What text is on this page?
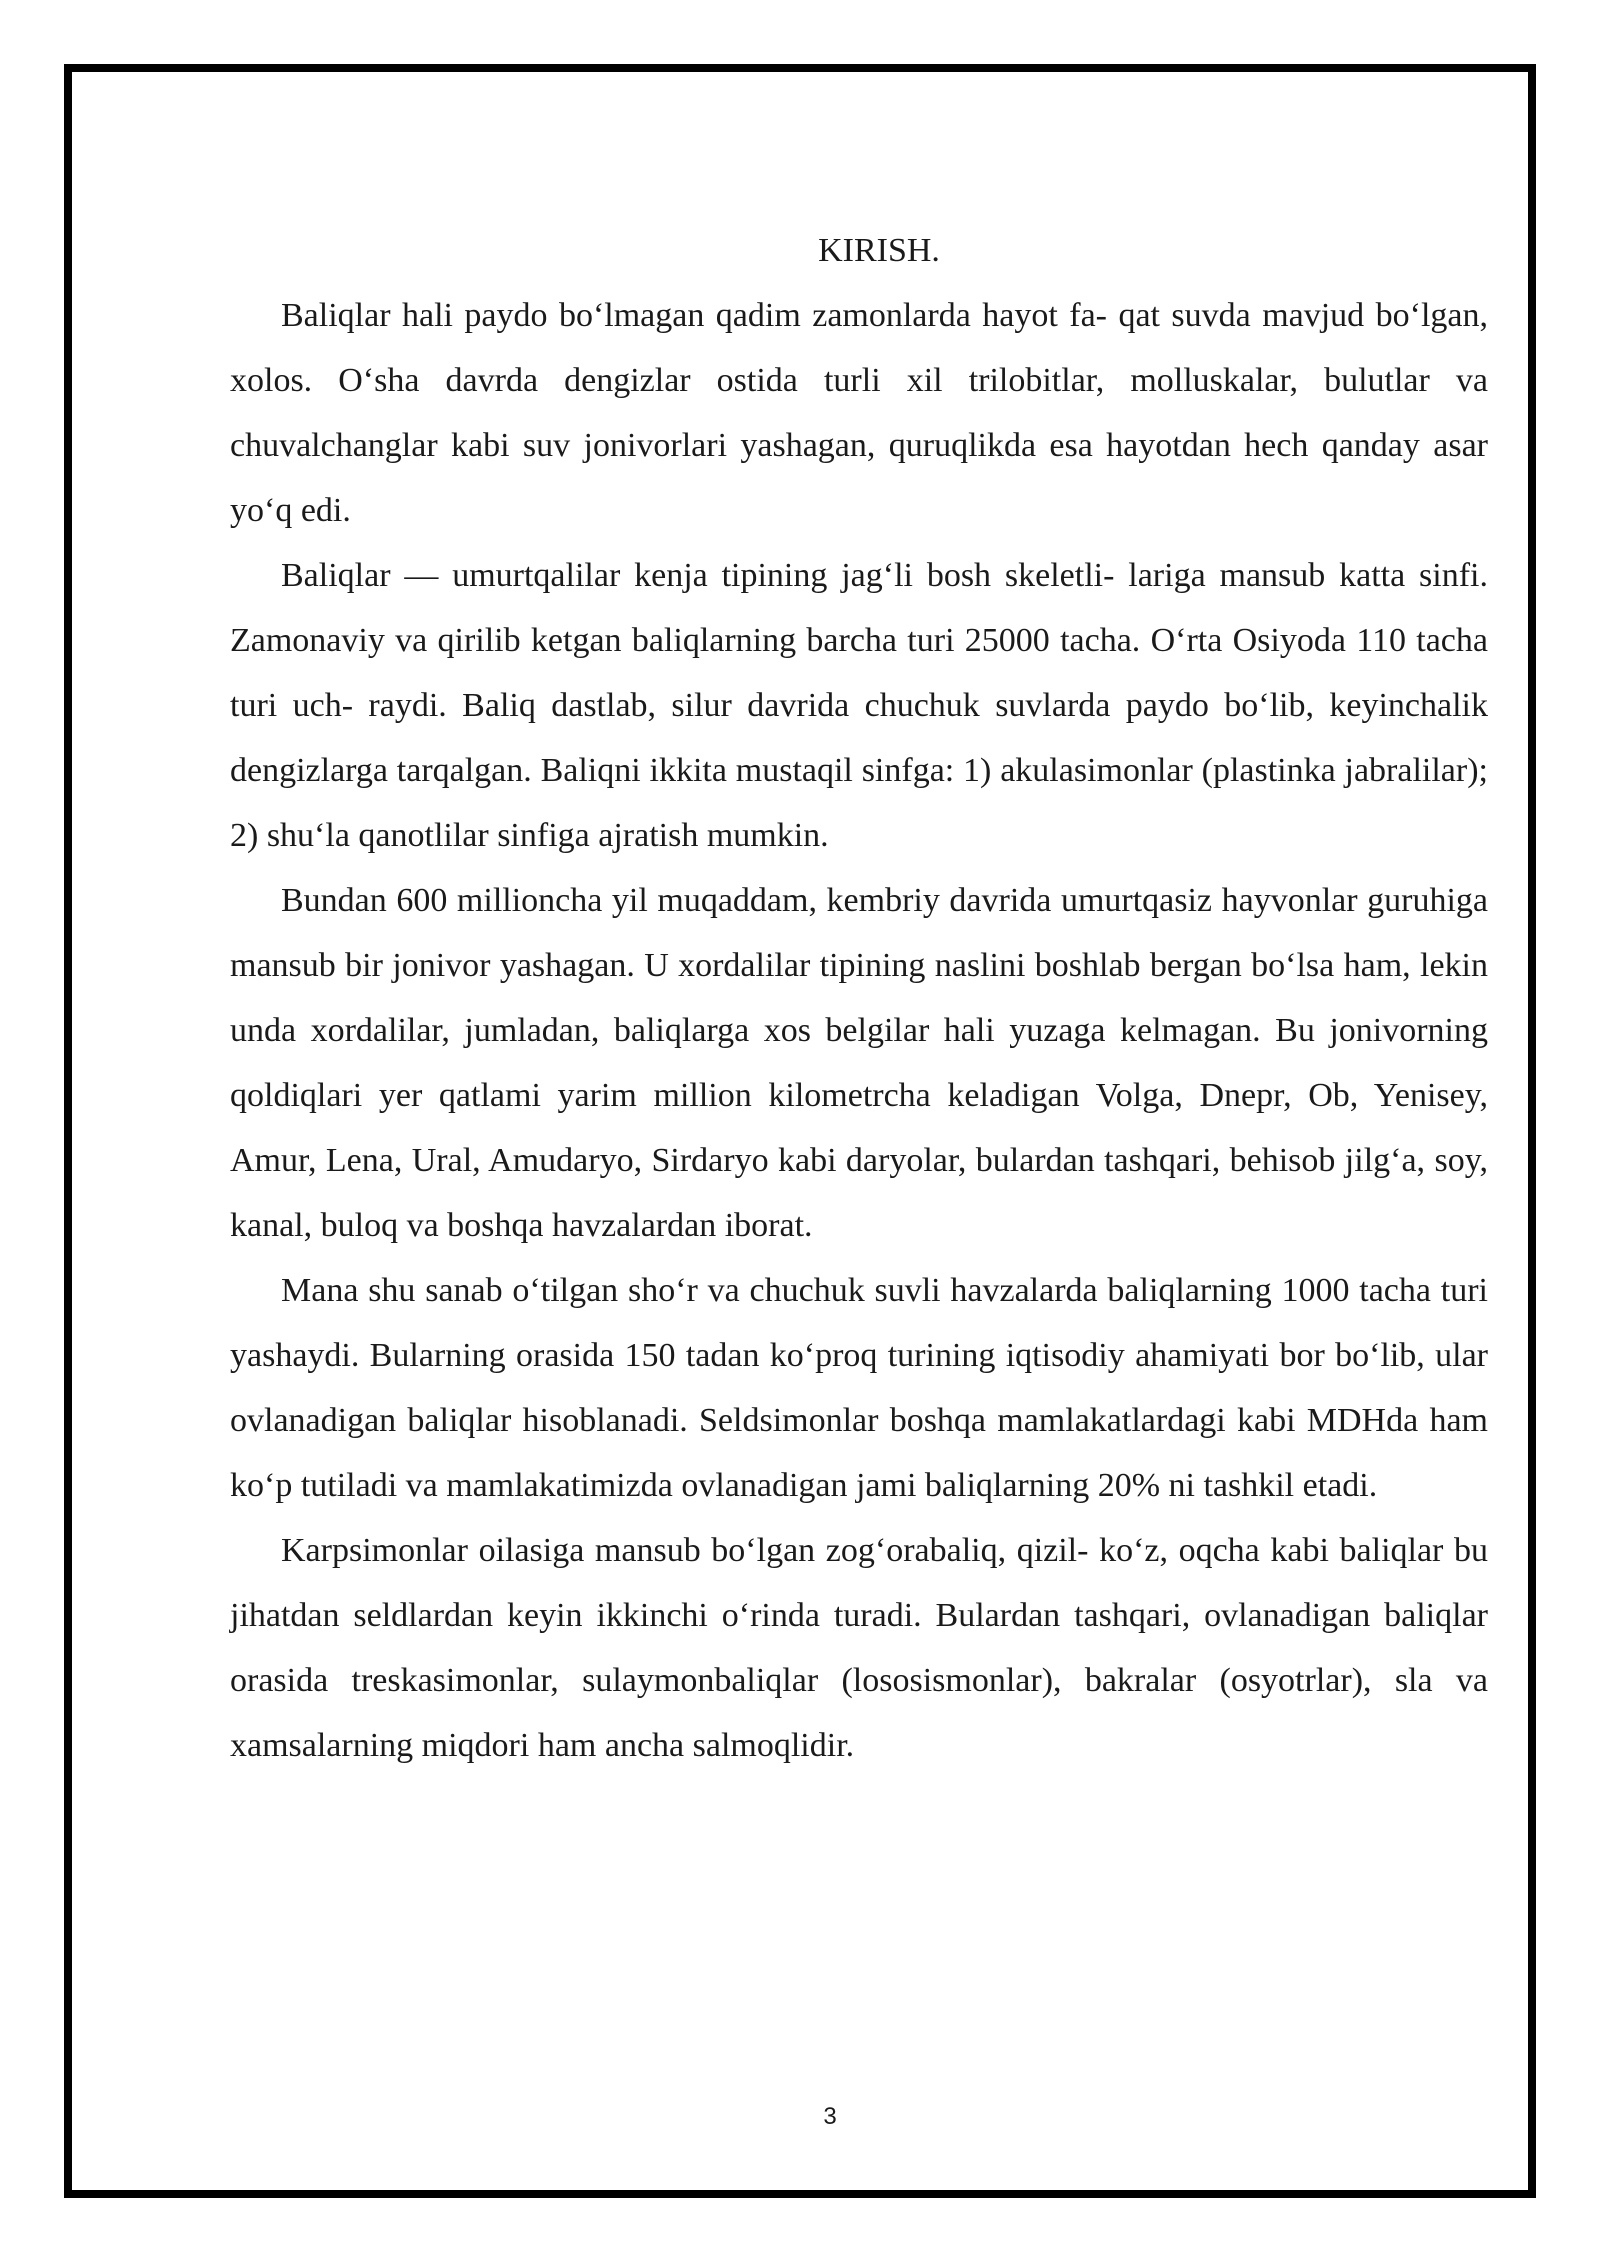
KIRISH.

Baliqlar hali paydo boʻlmagan qadim zamonlarda hayot fa- qat suvda mavjud boʻlgan, xolos. Oʻsha davrda dengizlar ostida turli xil trilobitlar, molluskalar, bulutlar va chuvalchanglar kabi suv jonivorlari yashagan, quruqlikda esa hayotdan hech qanday asar yoʻq edi.

Baliqlar — umurtqalilar kenja tipining jagʻli bosh skeletli- lariga mansub katta sinfi. Zamonaviy va qirilib ketgan baliqlarning barcha turi 25000 tacha. Oʻrta Osiyoda 110 tacha turi uch- raydi. Baliq dastlab, silur davrida chuchuk suvlarda paydo boʻlib, keyinchalik dengizlarga tarqalgan. Baliqni ikkita mustaqil sinfga: 1) akulasimonlar (plastinka jabralilar); 2) shuʻla qanotlilar sinfiga ajratish mumkin.

Bundan 600 millioncha yil muqaddam, kembriy davrida umurtqasiz hayvonlar guruhiga mansub bir jonivor yashagan. U xordalilar tipining naslini boshlab bergan boʻlsa ham, lekin unda xordalilar, jumladan, baliqlarga xos belgilar hali yuzaga kelmagan. Bu jonivorning qoldiqlari yer qatlami yarim million kilometrcha keladigan Volga, Dnepr, Ob, Yenisey, Amur, Lena, Ural, Amudaryo, Sirdaryo kabi daryolar, bulardan tashqari, behisob jilgʻa, soy, kanal, buloq va boshqa havzalardan iborat.

Mana shu sanab oʻtilgan shoʻr va chuchuk suvli havzalarda baliqlarning 1000 tacha turi yashaydi. Bularning orasida 150 tadan koʻproq turining iqtisodiy ahamiyati bor boʻlib, ular ovlanadigan baliqlar hisoblanadi. Seldsimonlar boshqa mamlakatlardagi kabi MDHda ham koʻp tutiladi va mamlakatimizda ovlanadigan jami baliqlarning 20% ni tashkil etadi.

Karpsimonlar oilasiga mansub boʻlgan zogʻorabaliq, qizil- koʻz, oqcha kabi baliqlar bu jihatdan seldlardan keyin ikkinchi oʻrinda turadi. Bulardan tashqari, ovlanadigan baliqlar orasida treskasimonlar, sulaymonbaliqlar (lososismonlar), bakralar (osyotrlar), sla va xamsalarning miqdori ham ancha salmoqlidir.

3
